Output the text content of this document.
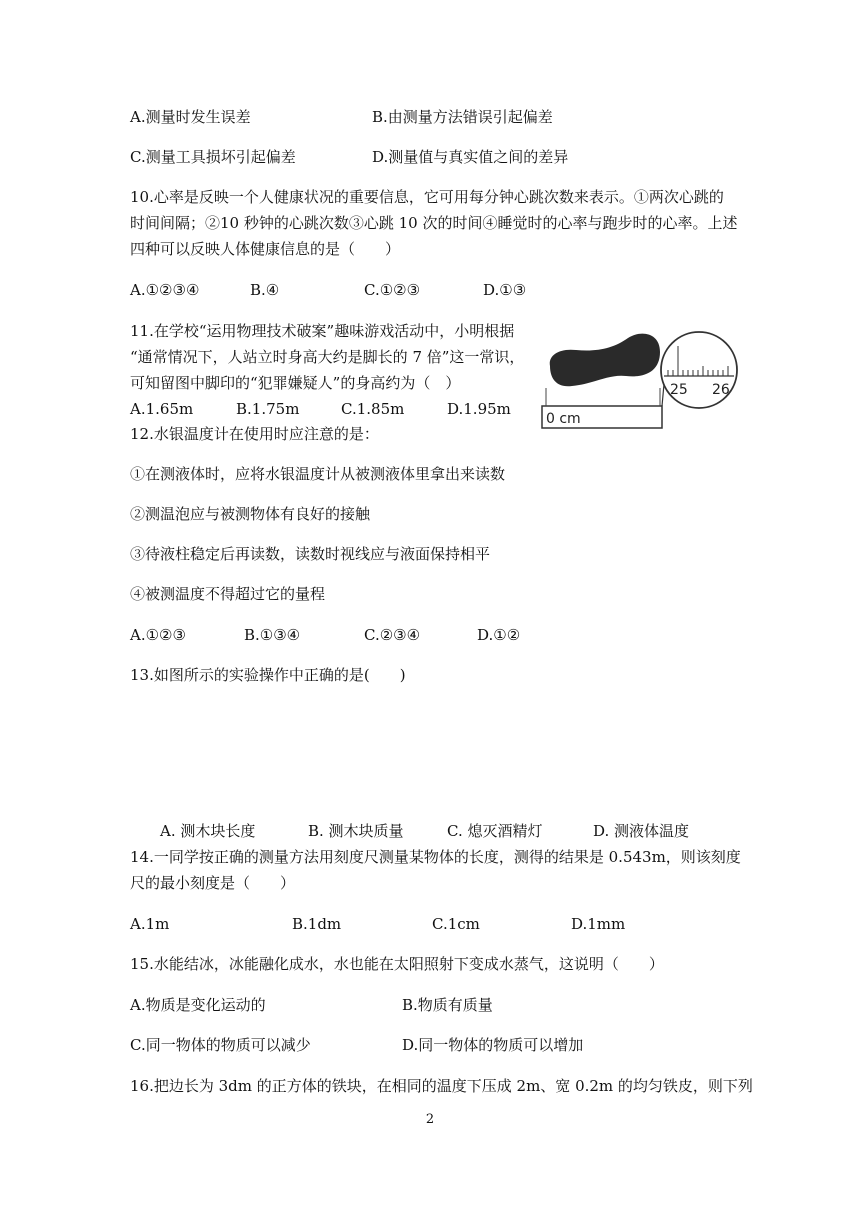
A.测量时发生误差	B.由测量方法错误引起偏差
C.测量工具损坏引起偏差	D.测量值与真实值之间的差异
10.心率是反映一个人健康状况的重要信息，它可用每分钟心跳次数来表示。①两次心跳的
时间间隔；②10 秒钟的心跳次数③心跳 10 次的时间④睡觉时的心率与跑步时的心率。上述
四种可以反映人体健康信息的是（　　）
A.①②③④	B.④	C.①②③	D.①③
11.在学校“运用物理技术破案”趣味游戏活动中，小明根据
“通常情况下，人站立时身高大约是脚长的 7 倍”这一常识，
可知留图中脚印的“犯罪嫌疑人”的身高约为（　）
A.1.65m	B.1.75m	C.1.85m	D.1.95m
0 cm
25 26
12.水银温度计在使用时应注意的是：
①在测液体时，应将水银温度计从被测液体里拿出来读数
②测温泡应与被测物体有良好的接触
③待液柱稳定后再读数，读数时视线应与液面保持相平
④被测温度不得超过它的量程
A.①②③	B.①③④	C.②③④	D.①②
13.如图所示的实验操作中正确的是(　　)
A. 测木块长度	B. 测木块质量	C. 熄灭酒精灯	D. 测液体温度
14.一同学按正确的测量方法用刻度尺测量某物体的长度，测得的结果是 0.543m，则该刻度
尺的最小刻度是（　　）
A.1m	B.1dm	C.1cm	D.1mm
15.水能结冰，冰能融化成水，水也能在太阳照射下变成水蒸气，这说明（　　）
A.物质是变化运动的	B.物质有质量
C.同一物体的物质可以减少	D.同一物体的物质可以增加
16.把边长为 3dm 的正方体的铁块，在相同的温度下压成 2m、宽 0.2m 的均匀铁皮，则下列
2
